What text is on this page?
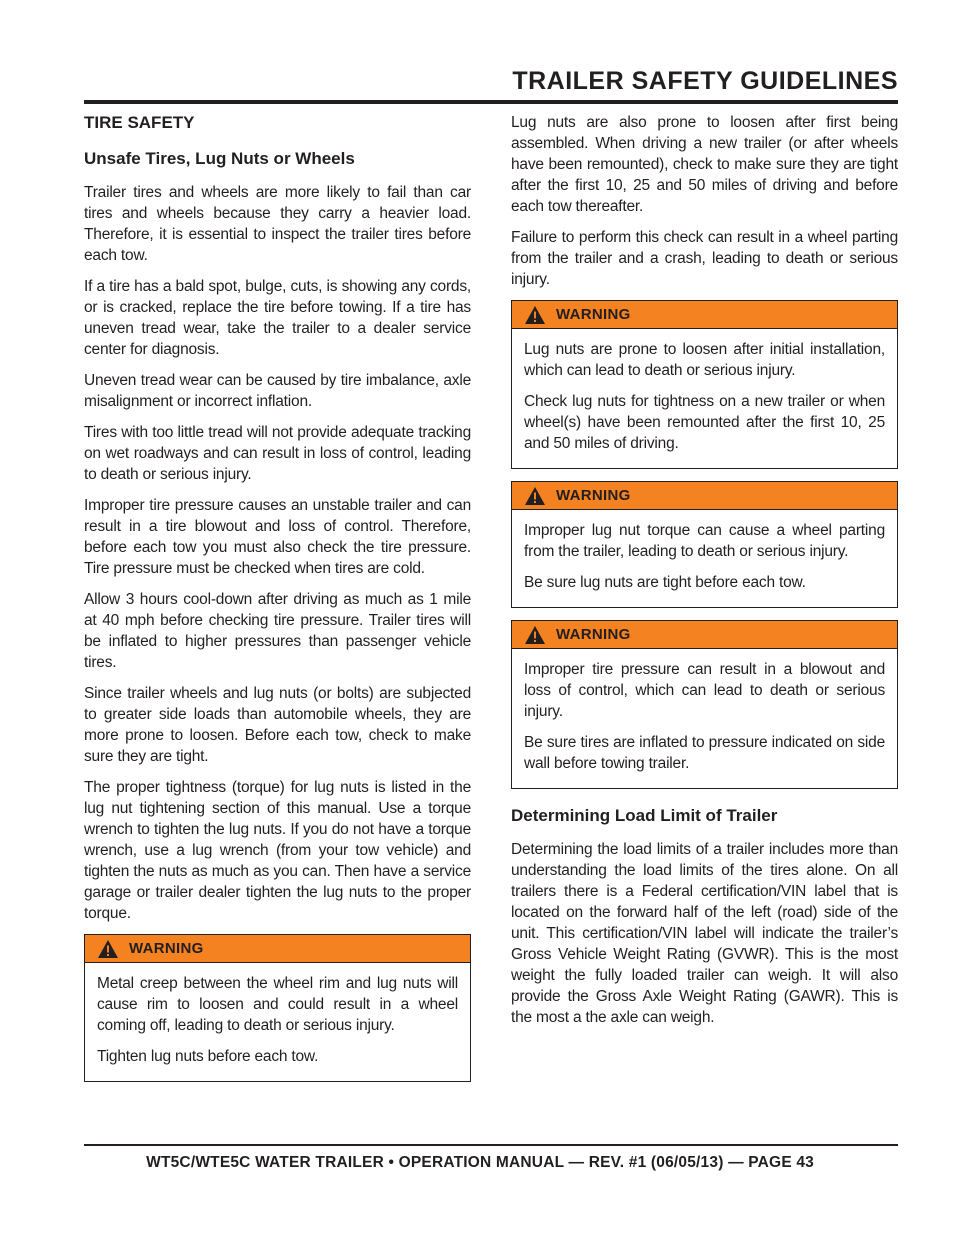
TRAILER SAFETY GUIDELINES
TIRE SAFETY
Unsafe Tires, Lug Nuts or Wheels

Trailer tires and wheels are more likely to fail than car tires and wheels because they carry a heavier load. Therefore, it is essential to inspect the trailer tires before each tow.

If a tire has a bald spot, bulge, cuts, is showing any cords, or is cracked, replace the tire before towing. If a tire has uneven tread wear, take the trailer to a dealer service center for diagnosis.

Uneven tread wear can be caused by tire imbalance, axle misalignment or incorrect inflation.

Tires with too little tread will not provide adequate tracking on wet roadways and can result in loss of control, leading to death or serious injury.

Improper tire pressure causes an unstable trailer and can result in a tire blowout and loss of control. Therefore, before each tow you must also check the tire pressure. Tire pressure must be checked when tires are cold.

Allow 3 hours cool-down after driving as much as 1 mile at 40 mph before checking tire pressure. Trailer tires will be inflated to higher pressures than passenger vehicle tires.

Since trailer wheels and lug nuts (or bolts) are subjected to greater side loads than automobile wheels, they are more prone to loosen. Before each tow, check to make sure they are tight.

The proper tightness (torque) for lug nuts is listed in the lug nut tightening section of this manual. Use a torque wrench to tighten the lug nuts. If you do not have a torque wrench, use a lug wrench (from your tow vehicle) and tighten the nuts as much as you can. Then have a service garage or trailer dealer tighten the lug nuts to the proper torque.

WARNING

Metal creep between the wheel rim and lug nuts will cause rim to loosen and could result in a wheel coming off, leading to death or serious injury.

Tighten lug nuts before each tow.

Lug nuts are also prone to loosen after first being assembled. When driving a new trailer (or after wheels have been remounted), check to make sure they are tight after the first 10, 25 and 50 miles of driving and before each tow thereafter.

Failure to perform this check can result in a wheel parting from the trailer and a crash, leading to death or serious injury.

WARNING

Lug nuts are prone to loosen after initial installation, which can lead to death or serious injury.

Check lug nuts for tightness on a new trailer or when wheel(s) have been remounted after the first 10, 25 and 50 miles of driving.

WARNING

Improper lug nut torque can cause a wheel parting from the trailer, leading to death or serious injury.

Be sure lug nuts are tight before each tow.

WARNING

Improper tire pressure can result in a blowout and loss of control, which can lead to death or serious injury.

Be sure tires are inflated to pressure indicated on side wall before towing trailer.

Determining Load Limit of Trailer

Determining the load limits of a trailer includes more than understanding the load limits of the tires alone. On all trailers there is a Federal certification/VIN label that is located on the forward half of the left (road) side of the unit. This certification/VIN label will indicate the trailer’s Gross Vehicle Weight Rating (GVWR). This is the most weight the fully loaded trailer can weigh. It will also provide the Gross Axle Weight Rating (GAWR). This is the most a the axle can weigh.

WT5C/WTE5C WATER TRAILER • OPERATION MANUAL — REV. #1 (06/05/13) — PAGE 43
